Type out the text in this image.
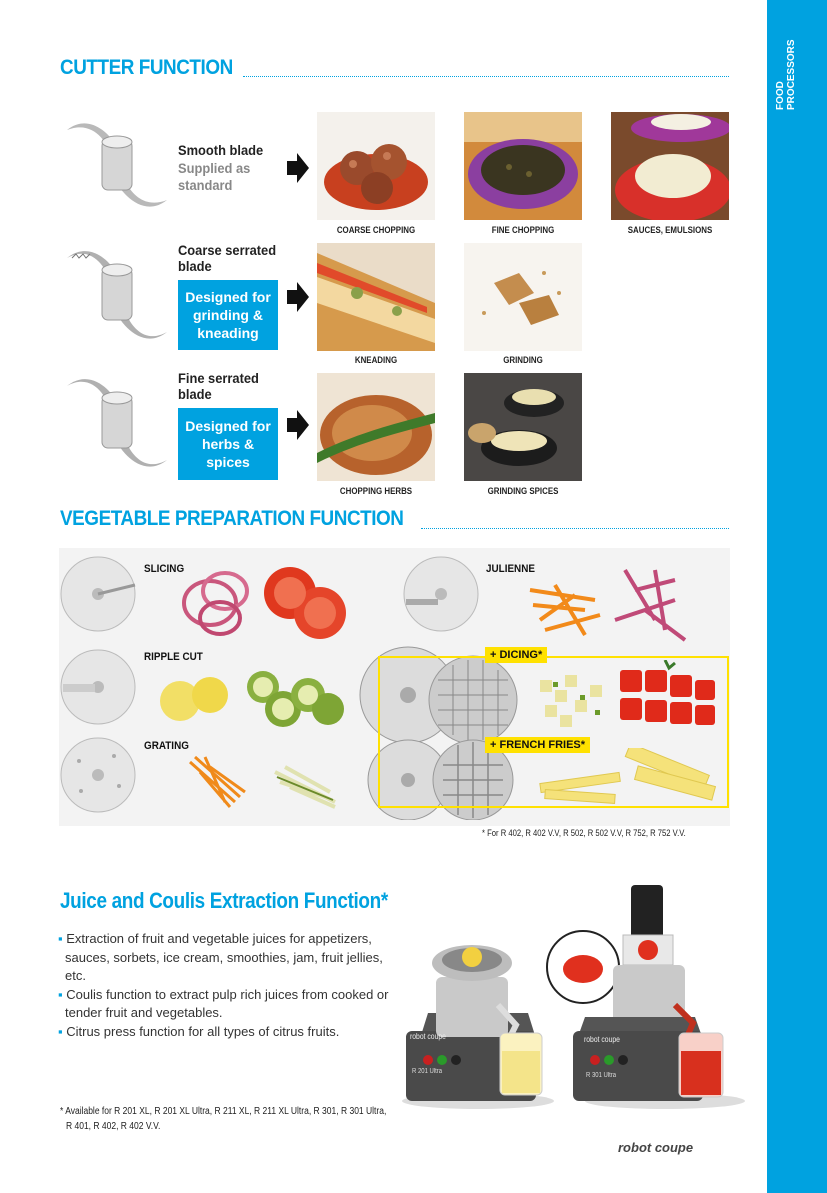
FOOD PROCESSORS
CUTTER FUNCTION
Smooth blade
Supplied as standard
Coarse serrated blade
Designed for grinding & kneading
Fine serrated blade
Designed for herbs & spices
COARSE CHOPPING	FINE CHOPPING	SAUCES, EMULSIONS
KNEADING	GRINDING
CHOPPING HERBS	GRINDING SPICES
VEGETABLE PREPARATION FUNCTION
SLICING
RIPPLE CUT
GRATING
JULIENNE
+ DICING*
+ FRENCH FRIES*
* For R 402, R 402 V.V, R 502, R 502 V.V, R 752, R 752 V.V.
Juice and Coulis Extraction Function*
▪ Extraction of fruit and vegetable juices for appetizers, sauces, sorbets, ice cream, smoothies, jam, fruit jellies, etc.
▪ Coulis function to extract pulp rich juices from cooked or tender fruit and vegetables.
▪ Citrus press function for all types of citrus fruits.	robot coupe
R 201 Ultra
robot coupe
R 301 Ultra
* Available for R 201 XL, R 201 XL Ultra, R 211 XL, R 211 XL Ultra, R 301, R 301 Ultra,
R 401, R 402, R 402 V.V.
robot coupe
